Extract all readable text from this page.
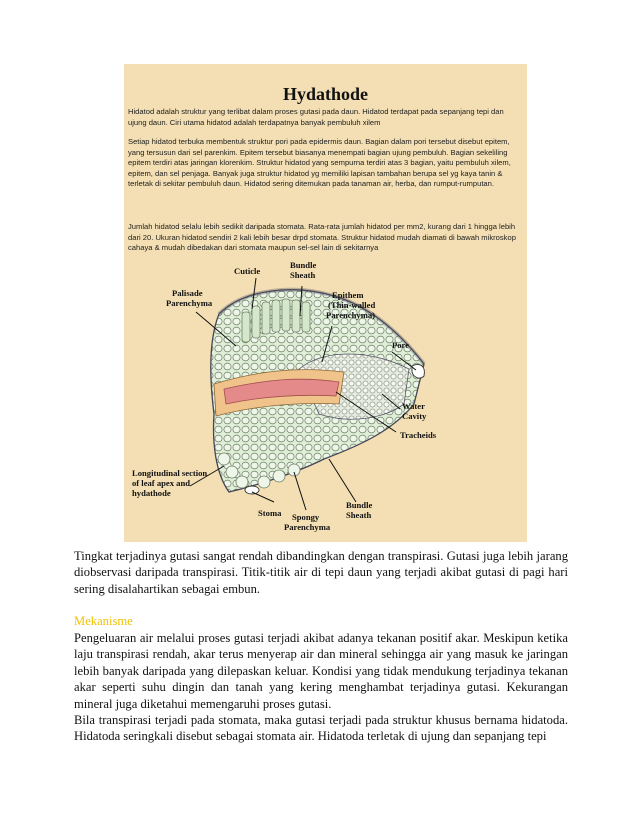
Hydathode

Hidatod adalah struktur yang terlibat dalam proses gutasi pada daun. Hidatod terdapat pada sepanjang tepi dan ujung daun. Ciri utama hidatod adalah terdapatnya banyak pembuluh xilem

Setiap hidatod terbuka membentuk struktur pori pada epidermis daun. Bagian dalam pori tersebut disebut epitem, yang tersusun dari sel parenkim. Epitem tersebut biasanya menempati bagian ujung pembuluh. Bagian sekeliling epitem terdiri atas jaringan klorenkim. Struktur hidatod yang sempurna terdiri atas 3 bagian, yaitu pembuluh xilem, epitem, dan sel penjaga. Banyak juga struktur hidatod yg memiliki lapisan tambahan berupa sel yg kaya tanin & terletak di sekitar pembuluh daun. Hidatod sering ditemukan pada tanaman air, herba, dan rumput-rumputan.

Jumlah hidatod selalu lebih sedikit daripada stomata. Rata-rata jumlah hidatod per mm2, kurang dari 1 hingga lebih dari 20. Ukuran hidatod sendiri 2 kali lebih besar drpd stomata. Struktur hidatod mudah diamati di bawah mikroskop cahaya & mudah dibedakan dari stomata maupun sel-sel lain di sekitarnya

Cuticle
Bundle
Sheath
Palisade
Parenchyma
Epithem
(Thin-walled
Parenchyma)
Pore
Water
Cavity
Tracheids
Longitudinal section
of leaf apex and
hydathode
Stoma Spongy
Parenchyma
Bundle
Sheath

Tingkat terjadinya gutasi sangat rendah dibandingkan dengan transpirasi. Gutasi juga lebih jarang diobservasi daripada transpirasi. Titik-titik air di tepi daun yang terjadi akibat gutasi di pagi hari sering disalahartikan sebagai embun.

Mekanisme

Pengeluaran air melalui proses gutasi terjadi akibat adanya tekanan positif akar. Meskipun ketika laju transpirasi rendah, akar terus menyerap air dan mineral sehingga air yang masuk ke jaringan lebih banyak daripada yang dilepaskan keluar. Kondisi yang tidak mendukung terjadinya tekanan akar seperti suhu dingin dan tanah yang kering menghambat terjadinya gutasi. Kekurangan mineral juga diketahui memengaruhi proses gutasi.

Bila transpirasi terjadi pada stomata, maka gutasi terjadi pada struktur khusus bernama hidatoda. Hidatoda seringkali disebut sebagai stomata air. Hidatoda terletak di ujung dan sepanjang tepi
